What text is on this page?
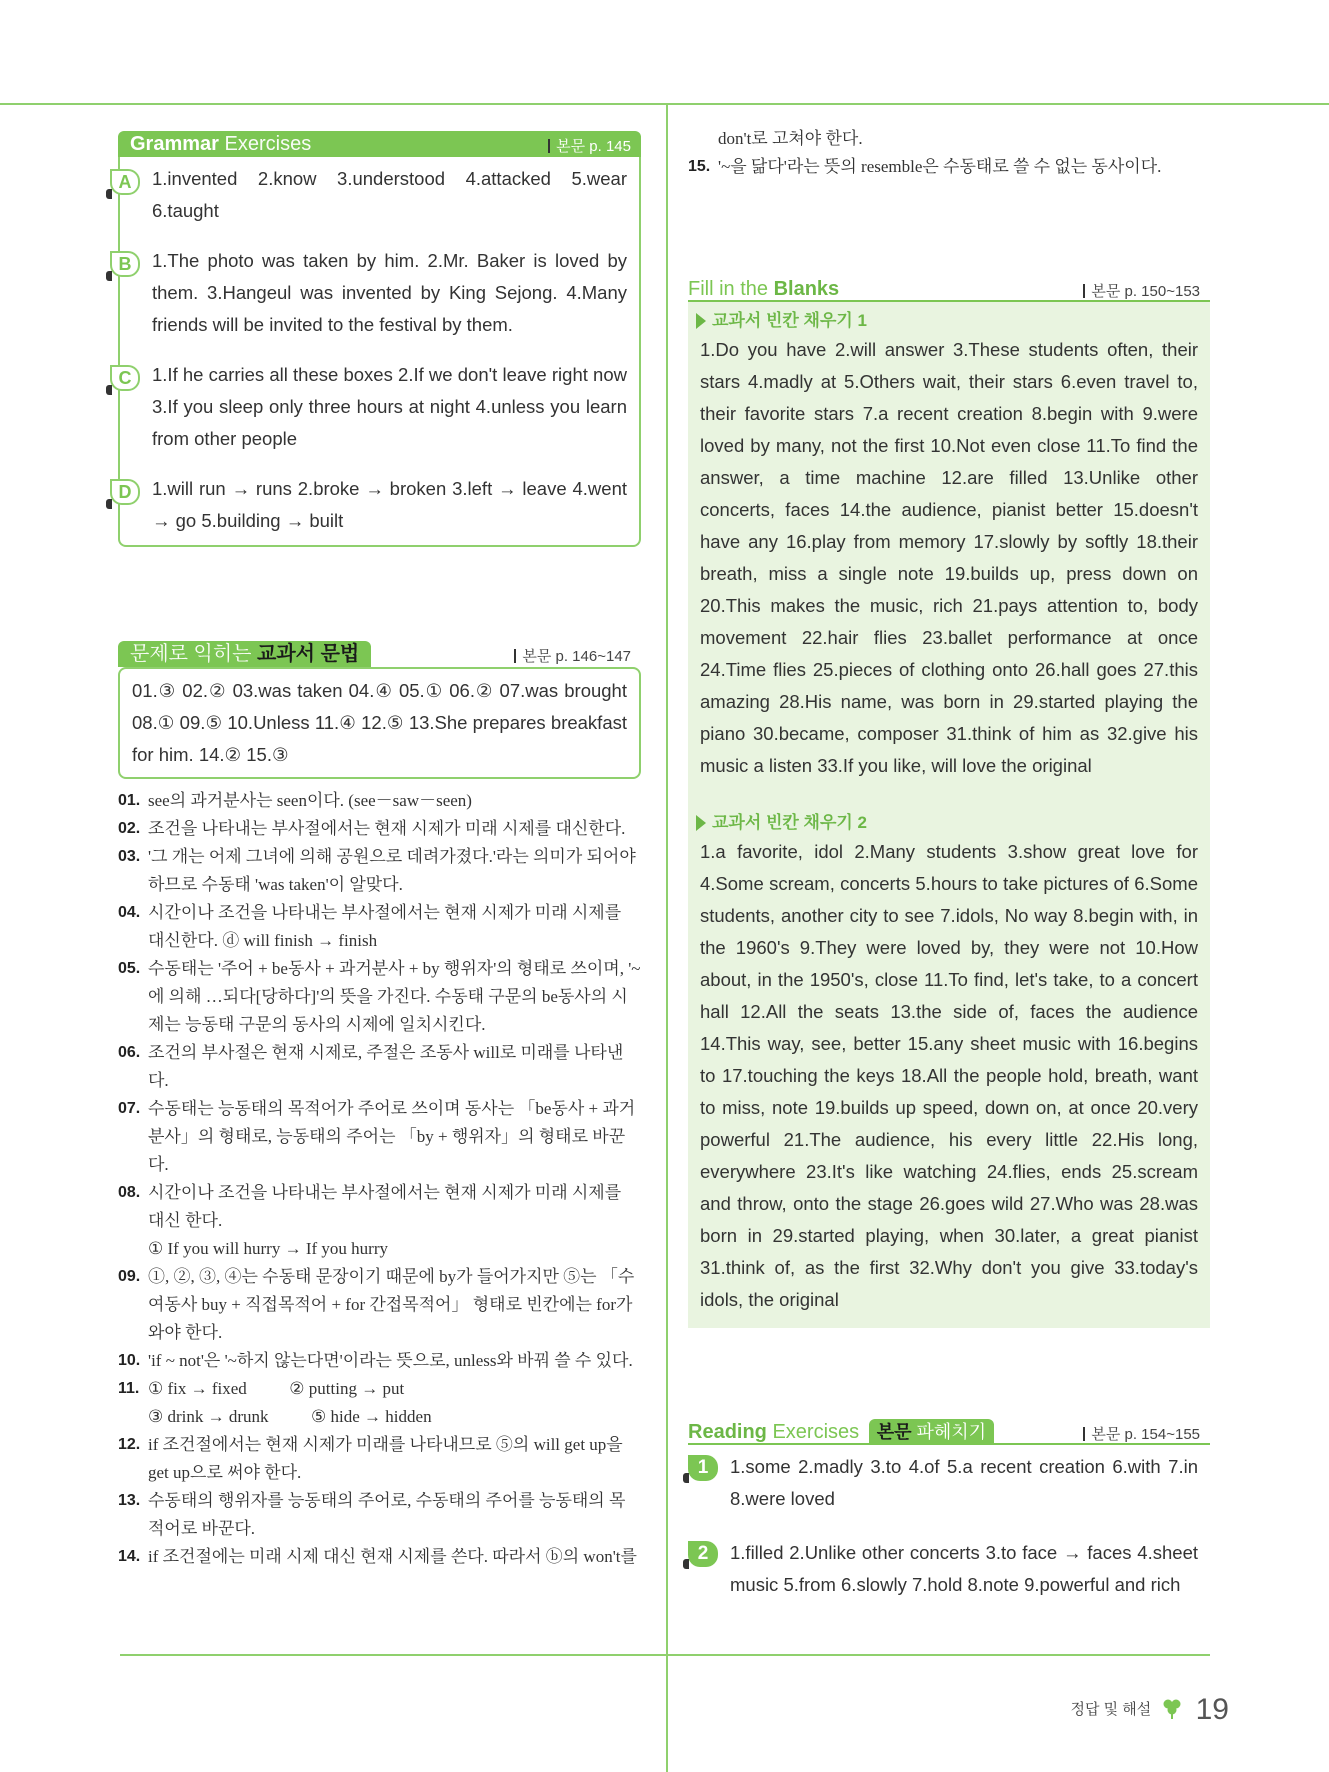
Grammar Exercises	본문 p. 145
A	1.invented 2.know 3.understood 4.attacked 5.wear 6.taught
B	1.The photo was taken by him. 2.Mr. Baker is loved by them. 3.Hangeul was invented by King Sejong. 4.Many friends will be invited to the festival by them.
C	1.If he carries all these boxes 2.If we don't leave right now 3.If you sleep only three hours at night 4.unless you learn from other people
D	1.will run → runs 2.broke → broken 3.left → leave 4.went → go 5.building → built
문제로 익히는 교과서 문법	본문 p. 146~147
01.③ 02.② 03.was taken 04.④ 05.① 06.② 07.was brought 08.① 09.⑤ 10.Unless 11.④ 12.⑤ 13.She prepares breakfast for him. 14.② 15.③
01. see의 과거분사는 seen이다. (see－saw－seen)
02. 조건을 나타내는 부사절에서는 현재 시제가 미래 시제를 대신한다.
03. '그 개는 어제 그녀에 의해 공원으로 데려가졌다.'라는 의미가 되어야 하므로 수동태 'was taken'이 알맞다.
04. 시간이나 조건을 나타내는 부사절에서는 현재 시제가 미래 시제를 대신한다. ⓓ will finish → finish
05. 수동태는 '주어 + be동사 + 과거분사 + by 행위자'의 형태로 쓰이며, '~에 의해 …되다[당하다]'의 뜻을 가진다. 수동태 구문의 be동사의 시제는 능동태 구문의 동사의 시제에 일치시킨다.
06. 조건의 부사절은 현재 시제로, 주절은 조동사 will로 미래를 나타낸다.
07. 수동태는 능동태의 목적어가 주어로 쓰이며 동사는 「be동사 + 과거분사」의 형태로, 능동태의 주어는 「by + 행위자」의 형태로 바꾼다.
08. 시간이나 조건을 나타내는 부사절에서는 현재 시제가 미래 시제를 대신 한다.
① If you will hurry → If you hurry
09. ①, ②, ③, ④는 수동태 문장이기 때문에 by가 들어가지만 ⑤는 「수여동사 buy + 직접목적어 + for 간접목적어」 형태로 빈칸에는 for가 와야 한다.
10. 'if ~ not'은 '~하지 않는다면'이라는 뜻으로, unless와 바꿔 쓸 수 있다.
11. ① fix → fixed          ② putting → put
③ drink → drunk          ⑤ hide → hidden
12. if 조건절에서는 현재 시제가 미래를 나타내므로 ⑤의 will get up을 get up으로 써야 한다.
13. 수동태의 행위자를 능동태의 주어로, 수동태의 주어를 능동태의 목적어로 바꾼다.
14. if 조건절에는 미래 시제 대신 현재 시제를 쓴다. 따라서 ⓑ의 won't를
don't로 고쳐야 한다.
15. '~을 닮다'라는 뜻의 resemble은 수동태로 쓸 수 없는 동사이다.
Fill in the Blanks	본문 p. 150~153
교과서 빈칸 채우기 1
1.Do you have 2.will answer 3.These students often, their stars 4.madly at 5.Others wait, their stars 6.even travel to, their favorite stars 7.a recent creation 8.begin with 9.were loved by many, not the first 10.Not even close 11.To find the answer, a time machine 12.are filled 13.Unlike other concerts, faces 14.the audience, pianist better 15.doesn't have any 16.play from memory 17.slowly by softly 18.their breath, miss a single note 19.builds up, press down on 20.This makes the music, rich 21.pays attention to, body movement 22.hair flies 23.ballet performance at once 24.Time flies 25.pieces of clothing onto 26.hall goes 27.this amazing 28.His name, was born in 29.started playing the piano 30.became, composer 31.think of him as 32.give his music a listen 33.If you like, will love the original
교과서 빈칸 채우기 2
1.a favorite, idol 2.Many students 3.show great love for 4.Some scream, concerts 5.hours to take pictures of 6.Some students, another city to see 7.idols, No way 8.begin with, in the 1960's 9.They were loved by, they were not 10.How about, in the 1950's, close 11.To find, let's take, to a concert hall 12.All the seats 13.the side of, faces the audience 14.This way, see, better 15.any sheet music with 16.begins to 17.touching the keys 18.All the people hold, breath, want to miss, note 19.builds up speed, down on, at once 20.very powerful 21.The audience, his every little 22.His long, everywhere 23.It's like watching 24.flies, ends 25.scream and throw, onto the stage 26.goes wild 27.Who was 28.was born in 29.started playing, when 30.later, a great pianist 31.think of, as the first 32.Why don't you give 33.today's idols, the original
Reading Exercises 본문 파헤치기	본문 p. 154~155
1	1.some 2.madly 3.to 4.of 5.a recent creation 6.with 7.in 8.were loved
2	1.filled 2.Unlike other concerts 3.to face → faces 4.sheet music 5.from 6.slowly 7.hold 8.note 9.powerful and rich
정답 및 해설 19
